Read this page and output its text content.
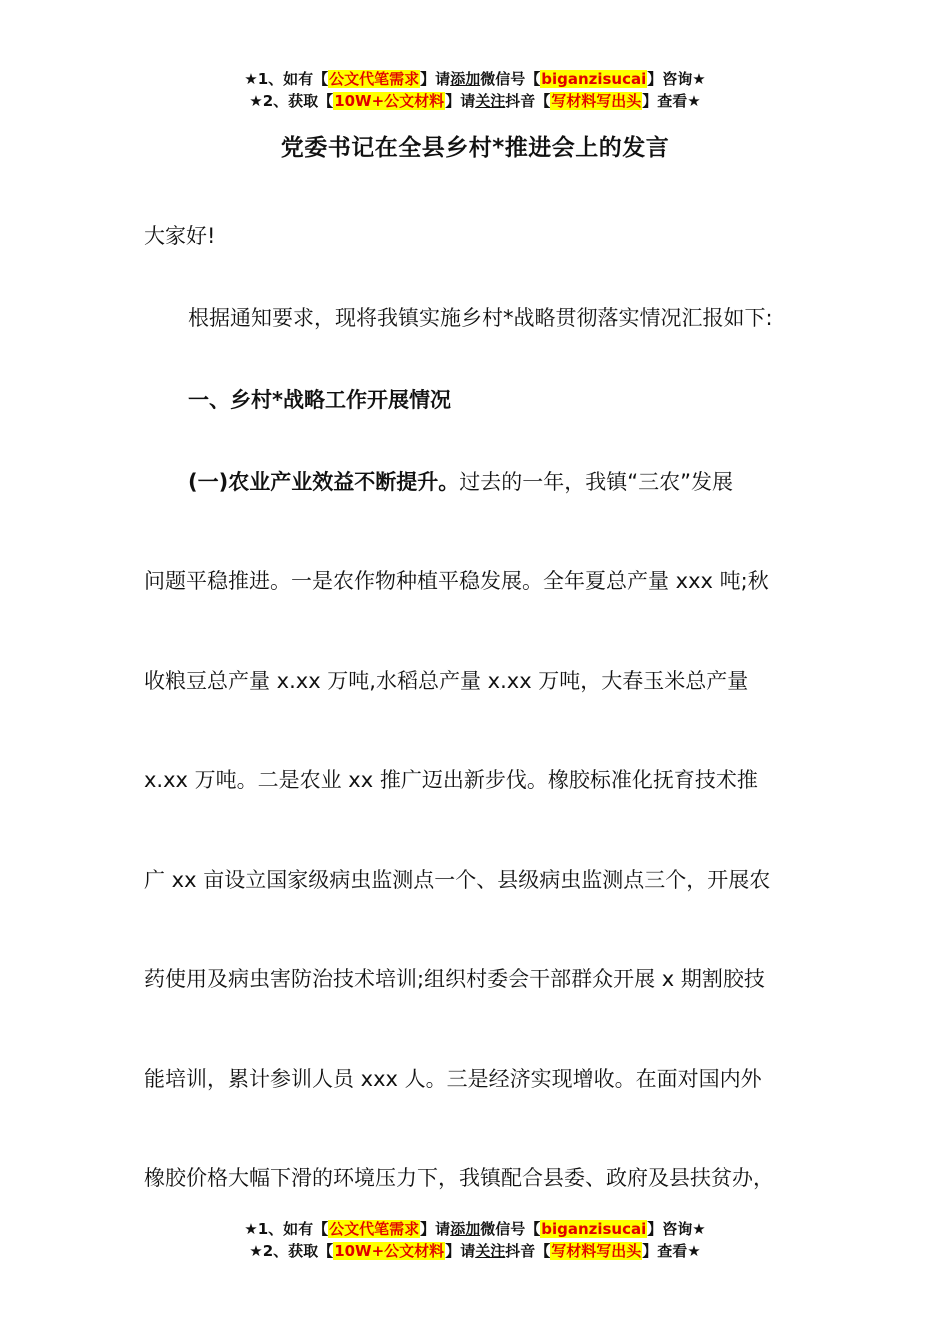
★1、如有【公文代笔需求】请添加微信号【biganzisucai】咨询★
★2、获取【10W+公文材料】请关注抖音【写材料写出头】查看★
党委书记在全县乡村*推进会上的发言
大家好!
根据通知要求，现将我镇实施乡村*战略贯彻落实情况汇报如下:
一、乡村*战略工作开展情况
(一)农业产业效益不断提升。过去的一年，我镇“三农”发展
问题平稳推进。一是农作物种植平稳发展。全年夏总产量 xxx 吨;秋
收粮豆总产量 x.xx 万吨,水稻总产量 x.xx 万吨，大春玉米总产量
x.xx 万吨。二是农业 xx 推广迈出新步伐。橡胶标准化抚育技术推
广 xx 亩设立国家级病虫监测点一个、县级病虫监测点三个，开展农
药使用及病虫害防治技术培训;组织村委会干部群众开展 x 期割胶技
能培训，累计参训人员 xxx 人。三是经济实现增收。在面对国内外
橡胶价格大幅下滑的环境压力下，我镇配合县委、政府及县扶贫办，
★1、如有【公文代笔需求】请添加微信号【biganzisucai】咨询★
★2、获取【10W+公文材料】请关注抖音【写材料写出头】查看★
